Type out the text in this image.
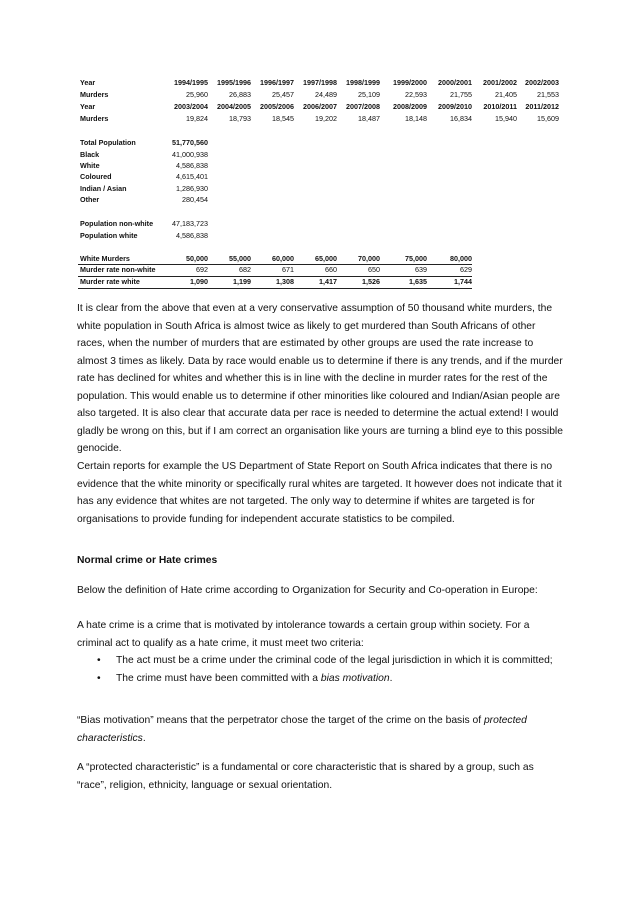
Year	1994/1995	1995/1996	1996/1997	1997/1998	1998/1999	1999/2000	2000/2001	2001/2002	2002/2003
Murders	25,960	26,883	25,457	24,489	25,109	22,593	21,755	21,405	21,553
Year	2003/2004	2004/2005	2005/2006	2006/2007	2007/2008	2008/2009	2009/2010	2010/2011	2011/2012
Murders	19,824	18,793	18,545	19,202	18,487	18,148	16,834	15,940	15,609
Total Population	51,770,560
Black	41,000,938
White	4,586,838
Coloured	4,615,401
Indian / Asian	1,286,930
Other	280,454
Population non-white	47,183,723
Population white	4,586,838
White Murders	50,000	55,000	60,000	65,000	70,000	75,000	80,000
Murder rate non-white	692	682	671	660	650	639	629
Murder rate white	1,090	1,199	1,308	1,417	1,526	1,635	1,744

It is clear from the above that even at a very conservative assumption of 50 thousand white murders, the white population in South Africa is almost twice as likely to get murdered than South Africans of other races, when the number of murders that are estimated by other groups are used the rate increase to almost 3 times as likely. Data by race would enable us to determine if there is any trends, and if the murder rate has declined for whites and whether this is in line with the decline in murder rates for the rest of the population. This would enable us to determine if other minorities like coloured and Indian/Asian people are also targeted. It is also clear that accurate data per race is needed to determine the actual extend! I would gladly be wrong on this, but if I am correct an organisation like yours are turning a blind eye to this possible genocide.

Certain reports for example the US Department of State Report on South Africa indicates that there is no evidence that the white minority or specifically rural whites are targeted. It however does not indicate that it has any evidence that whites are not targeted. The only way to determine if whites are targeted is for organisations to provide funding for independent accurate statistics to be compiled.

Normal crime or Hate crimes

Below the definition of Hate crime according to Organization for Security and Co-operation in Europe:

A hate crime is a crime that is motivated by intolerance towards a certain group within society. For a criminal act to qualify as a hate crime, it must meet two criteria:

• The act must be a crime under the criminal code of the legal jurisdiction in which it is committed;
• The crime must have been committed with a bias motivation.

“Bias motivation” means that the perpetrator chose the target of the crime on the basis of protected characteristics.

A “protected characteristic” is a fundamental or core characteristic that is shared by a group, such as “race”, religion, ethnicity, language or sexual orientation.
